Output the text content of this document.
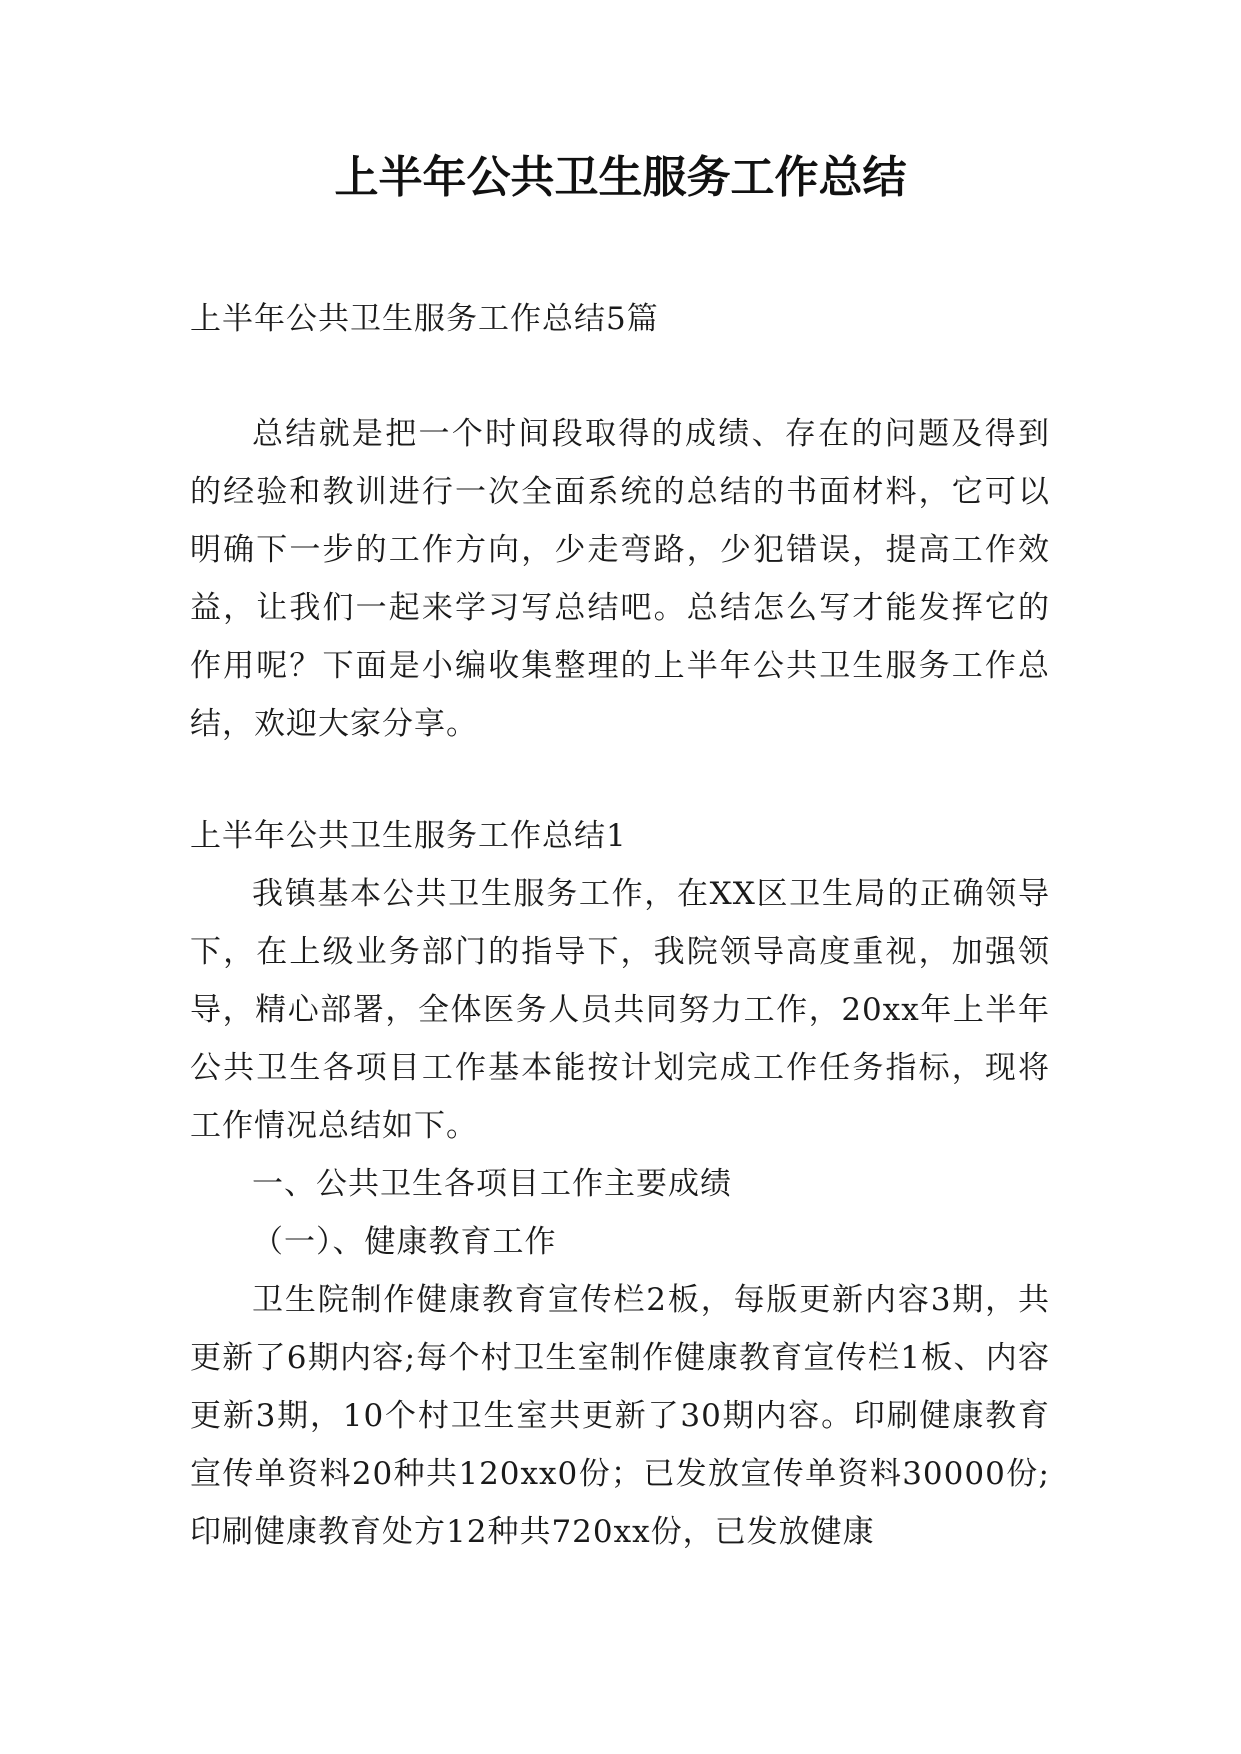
上半年公共卫生服务工作总结

上半年公共卫生服务工作总结5篇

总结就是把一个时间段取得的成绩、存在的问题及得到的经验和教训进行一次全面系统的总结的书面材料，它可以明确下一步的工作方向，少走弯路，少犯错误，提高工作效益，让我们一起来学习写总结吧。总结怎么写才能发挥它的作用呢？下面是小编收集整理的上半年公共卫生服务工作总结，欢迎大家分享。

上半年公共卫生服务工作总结1

我镇基本公共卫生服务工作，在XX区卫生局的正确领导下，在上级业务部门的指导下，我院领导高度重视，加强领导，精心部署，全体医务人员共同努力工作，20xx年上半年公共卫生各项目工作基本能按计划完成工作任务指标，现将工作情况总结如下。

一、公共卫生各项目工作主要成绩

（一）、健康教育工作

卫生院制作健康教育宣传栏2板，每版更新内容3期，共更新了6期内容;每个村卫生室制作健康教育宣传栏1板、内容更新3期，10个村卫生室共更新了30期内容。印刷健康教育宣传单资料20种共120xx0份；已发放宣传单资料30000份;印刷健康教育处方12种共720xx份，已发放健康
